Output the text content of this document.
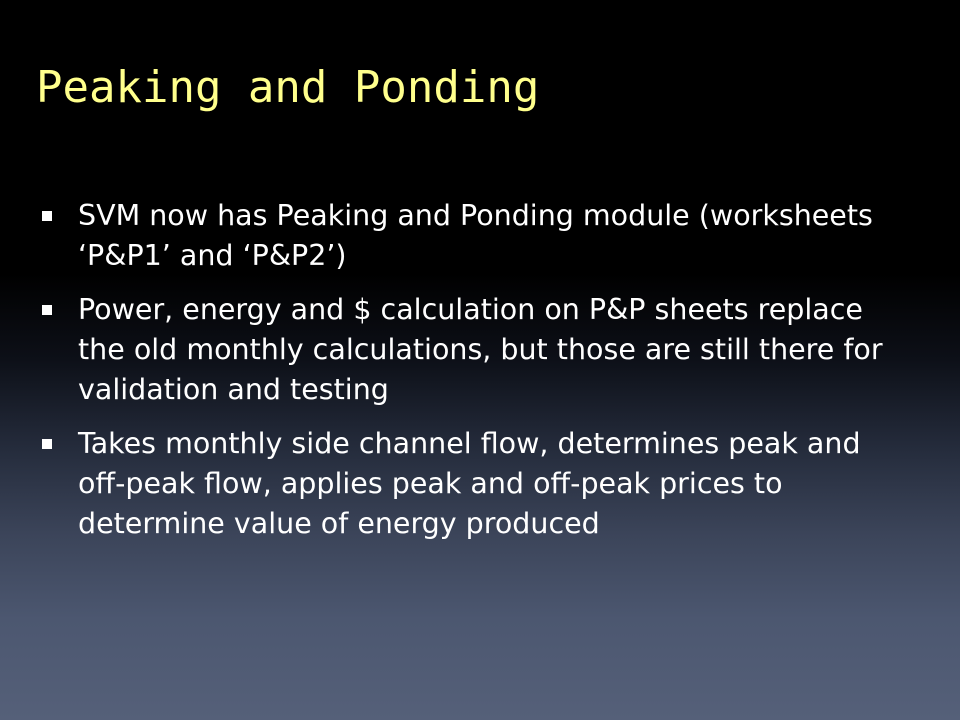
Peaking and Ponding
SVM now has Peaking and Ponding module (worksheets ‘P&P1’ and ‘P&P2’)
Power, energy and $ calculation on P&P sheets replace the old monthly calculations, but those are still there for validation and testing
Takes monthly side channel flow, determines peak and off-peak flow, applies peak and off-peak prices to determine value of energy produced
